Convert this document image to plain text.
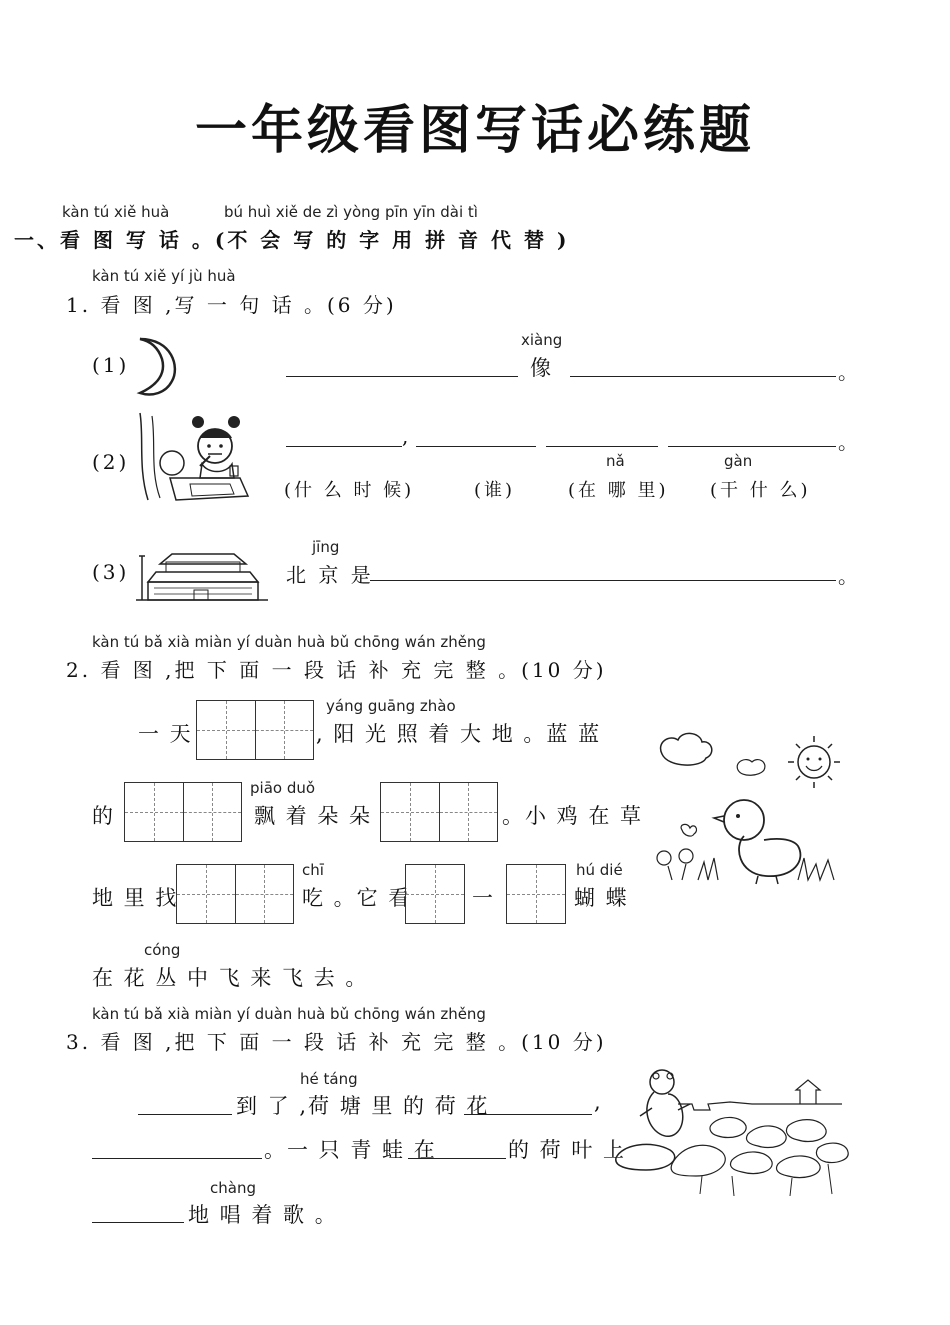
一年级看图写话必练题
kàn tú xiě huà	bú huì xiě de zì yòng pīn yīn dài tì
一、看 图 写 话 。(不 会 写 的 字 用 拼 音 代 替 )
kàn tú xiě yí jù huà
1. 看 图 ,写 一 句 话 。(6 分)
(1)
xiàng
像	。
(2)
,	。
nǎ	gàn
(什 么 时 候)	(谁)	(在 哪 里) (干 什 么)
(3)
jīng
北 京 是	。
kàn tú bǎ xià miàn yí duàn huà bǔ chōng wán zhěng
2. 看 图 ,把 下 面 一 段 话 补 充 完 整 。(10 分)
一 天
yáng guāng zhào
, 阳 光 照 着 大 地 。蓝 蓝
的
piāo duǒ
飘 着 朵 朵	。小 鸡 在 草
地 里 找
chī
吃 。它 看	一
hú dié
蝴 蝶
cóng
在 花 丛 中 飞 来 飞 去 。
kàn tú bǎ xià miàn yí duàn huà bǔ chōng wán zhěng
3. 看 图 ,把 下 面 一 段 话 补 充 完 整 。(10 分)
hé táng
到 了 ,荷 塘 里 的 荷 花	,
。一 只 青 蛙 在	的 荷 叶 上
chàng
地 唱 着 歌 。
